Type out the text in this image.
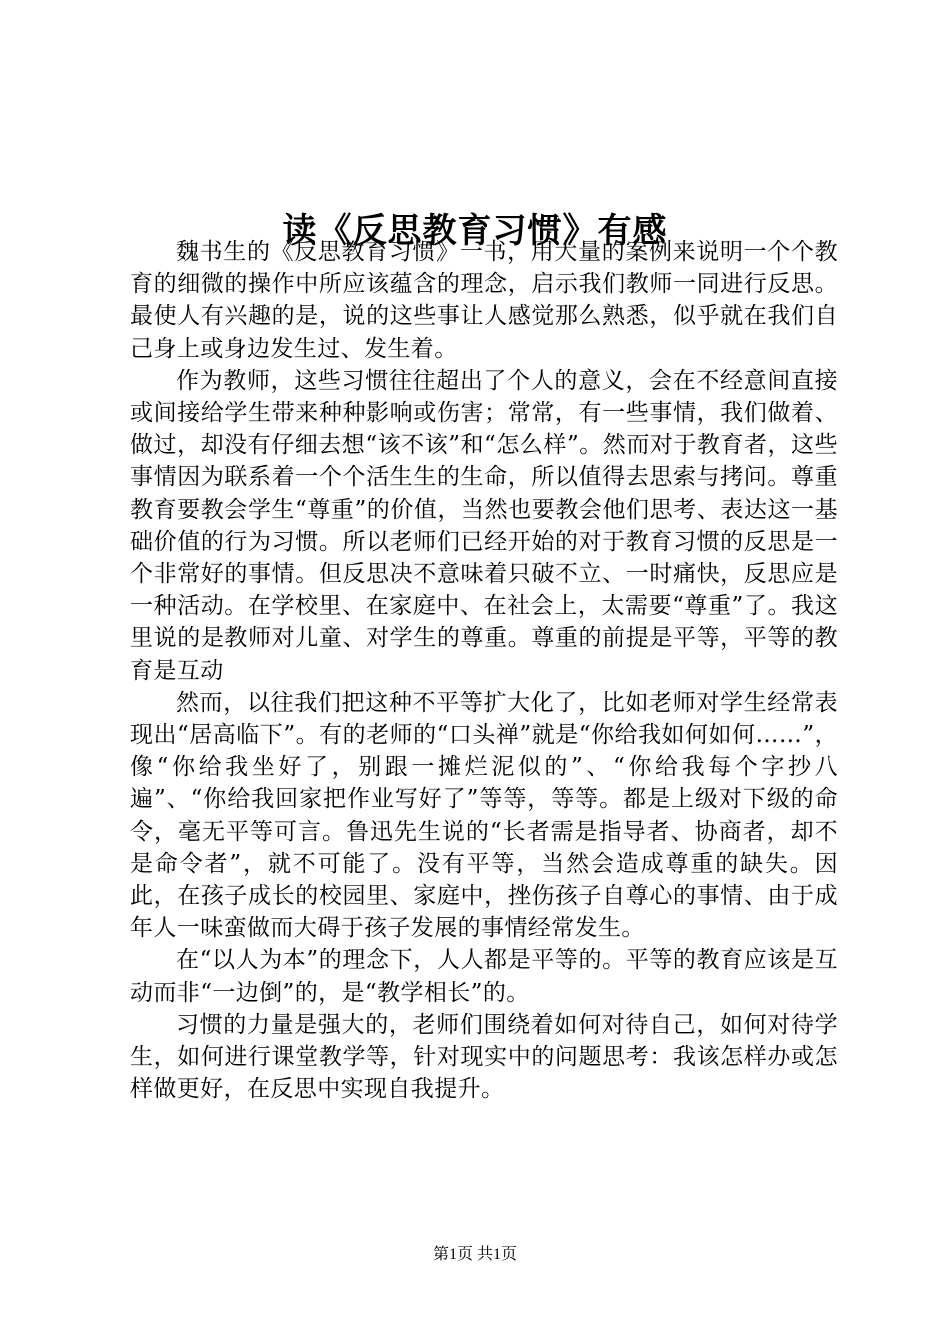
读《反思教育习惯》有感

魏书生的《反思教育习惯》一书，用大量的案例来说明一个个教育的细微的操作中所应该蕴含的理念，启示我们教师一同进行反思。最使人有兴趣的是，说的这些事让人感觉那么熟悉，似乎就在我们自己身上或身边发生过、发生着。

作为教师，这些习惯往往超出了个人的意义，会在不经意间直接或间接给学生带来种种影响或伤害；常常，有一些事情，我们做着、做过，却没有仔细去想“该不该”和“怎么样”。然而对于教育者，这些事情因为联系着一个个活生生的生命，所以值得去思索与拷问。尊重教育要教会学生“尊重”的价值，当然也要教会他们思考、表达这一基础价值的行为习惯。所以老师们已经开始的对于教育习惯的反思是一个非常好的事情。但反思决不意味着只破不立、一时痛快，反思应是一种活动。在学校里、在家庭中、在社会上，太需要“尊重”了。我这里说的是教师对儿童、对学生的尊重。尊重的前提是平等，平等的教育是互动

然而，以往我们把这种不平等扩大化了，比如老师对学生经常表现出“居高临下”。有的老师的“口头禅”就是“你给我如何如何……”，像“你给我坐好了，别跟一摊烂泥似的”、“你给我每个字抄八遍”、“你给我回家把作业写好了”等等，等等。都是上级对下级的命令，毫无平等可言。鲁迅先生说的“长者需是指导者、协商者，却不是命令者”，就不可能了。没有平等，当然会造成尊重的缺失。因此，在孩子成长的校园里、家庭中，挫伤孩子自尊心的事情、由于成年人一味蛮做而大碍于孩子发展的事情经常发生。

在“以人为本”的理念下，人人都是平等的。平等的教育应该是互动而非“一边倒”的，是“教学相长”的。

习惯的力量是强大的，老师们围绕着如何对待自己，如何对待学生，如何进行课堂教学等，针对现实中的问题思考：我该怎样办或怎样做更好，在反思中实现自我提升。

第1页 共1页
